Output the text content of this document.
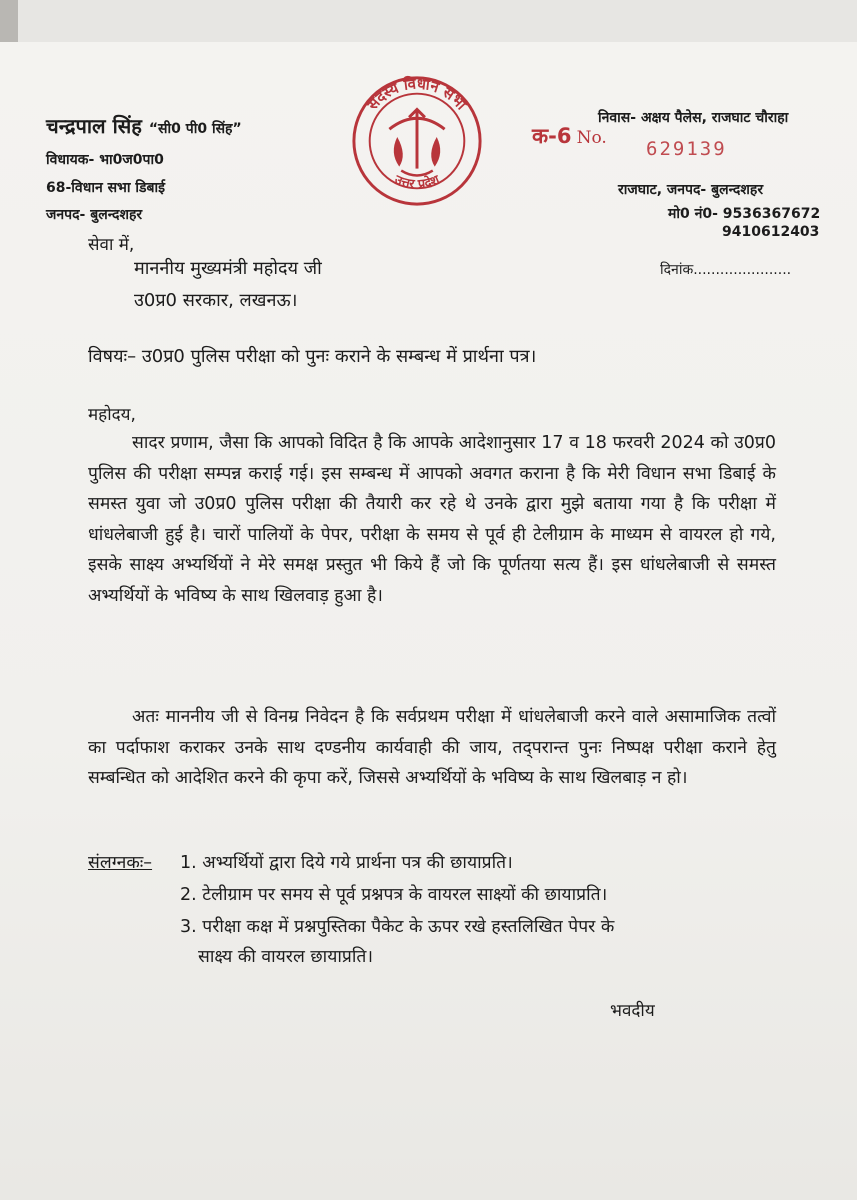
चन्द्रपाल सिंह “सी0 पी0 सिंह”
विधायक- भा0ज0पा0
68-विधान सभा डिबाई
जनपद- बुलन्दशहर
सदस्य विधान सभा
उत्तर प्रदेश
क-6 No. 629139
निवास- अक्षय पैलेस, राजघाट चौराहा
राजघाट, जनपद- बुलन्दशहर
मो0 नं0- 9536367672
9410612403
दिनांक......................
सेवा में,
माननीय मुख्यमंत्री महोदय जी
उ0प्र0 सरकार, लखनऊ।
विषयः– उ0प्र0 पुलिस परीक्षा को पुनः कराने के सम्बन्ध में प्रार्थना पत्र।
महोदय,
सादर प्रणाम, जैसा कि आपको विदित है कि आपके आदेशानुसार 17 व 18 फरवरी 2024 को उ0प्र0 पुलिस की परीक्षा सम्पन्न कराई गई। इस सम्बन्ध में आपको अवगत कराना है कि मेरी विधान सभा डिबाई के समस्त युवा जो उ0प्र0 पुलिस परीक्षा की तैयारी कर रहे थे उनके द्वारा मुझे बताया गया है कि परीक्षा में धांधलेबाजी हुई है। चारों पालियों के पेपर, परीक्षा के समय से पूर्व ही टेलीग्राम के माध्यम से वायरल हो गये, इसके साक्ष्य अभ्यर्थियों ने मेरे समक्ष प्रस्तुत भी किये हैं जो कि पूर्णतया सत्य हैं। इस धांधलेबाजी से समस्त अभ्यर्थियों के भविष्य के साथ खिलवाड़ हुआ है।
अतः माननीय जी से विनम्र निवेदन है कि सर्वप्रथम परीक्षा में धांधलेबाजी करने वाले असामाजिक तत्वों का पर्दाफाश कराकर उनके साथ दण्डनीय कार्यवाही की जाय, तद्परान्त पुनः निष्पक्ष परीक्षा कराने हेतु सम्बन्धित को आदेशित करने की कृपा करें, जिससे अभ्यर्थियों के भविष्य के साथ खिलबाड़ न हो।
संलग्नकः– 1. अभ्यर्थियों द्वारा दिये गये प्रार्थना पत्र की छायाप्रति।
2. टेलीग्राम पर समय से पूर्व प्रश्नपत्र के वायरल साक्ष्यों की छायाप्रति।
3. परीक्षा कक्ष में प्रश्नपुस्तिका पैकेट के ऊपर रखे हस्तलिखित पेपर के
साक्ष्य की वायरल छायाप्रति।
भवदीय
